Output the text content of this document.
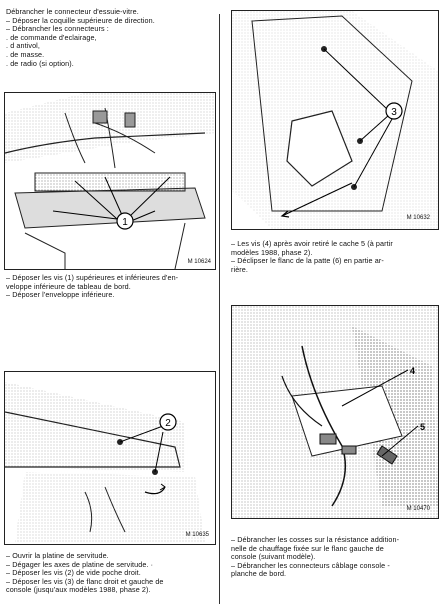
Débrancher le connecteur d'essuie-vitre.
– Déposer la coquille supérieure de direction.
– Débrancher les connecteurs :
. de commande d'eclairage,
. d antivol,
. de masse.
. de radio (si option).
1
M 10624
– Déposer les vis (1) supérieures et inférieures d'en-
veloppe inférieure de tableau de bord.
– Déposer l'enveloppe inférieure.
2
M 10635
– Ouvrir la platine de servitude.
– Dégager les axes de platine de servitude. ·
– Déposer les vis (2) de vide poche droit.
– Déposer les vis (3) de flanc droit et gauche de
console (jusqu'aux modèles 1988, phase 2).
3
M 10632
– Les vis (4) après avoir retiré le cache 5 (à partir
modèles 1988, phase 2).
– Déclipser le flanc de la patte (6) en partie ar-
rière.
4
5
M 10470
– Débrancher les cosses sur la résistance addition-
nelle de chauffage fixée sur le flanc gauche de
console (suivant modèle).
– Débrancher les connecteurs câblage console -
planche de bord.
